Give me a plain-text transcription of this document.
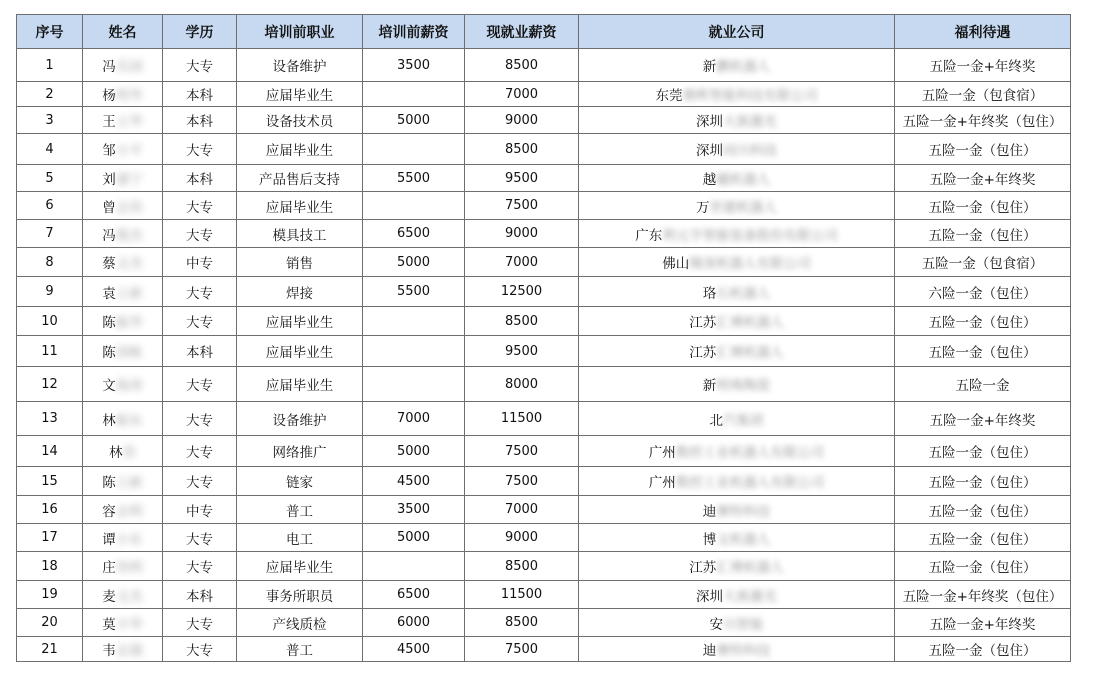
序号	姓名	学历	培训前职业	培训前薪资	现就业薪资	就业公司	福利待遇
1	冯乐园	大专	设备维护	3500	8500	新鹏机器人	五险一金+年终奖
2	杨明华	本科	应届毕业生		7000	东莞鼎晖智能科技有限公司	五险一金（包食宿）
3	王立华	本科	设备技术员	5000	9000	深圳大族激光	五险一金+年终奖（包住）
4	邹小平	大专	应届毕业生		8500	深圳同川科技	五险一金（包住）
5	刘建宁	本科	产品售后支持	5500	9500	越疆机器人	五险一金+年终奖
6	曾志伟	大专	应届毕业生		7500	万世德机器人	五险一金（包住）
7	冯俊杰	大专	模具技工	6500	9000	广东利元亨智能装备股份有限公司	五险一金（包住）
8	蔡文杰	中专	销售	5000	7000	佛山隆深机器人有限公司	五险一金（包食宿）
9	袁立新	大专	焊接	5500	12500	珞石机器人	六险一金（包住）
10	陈振华	大专	应届毕业生		8500	江苏汇博机器人	五险一金（包住）
11	陈国栋	本科	应届毕业生		9500	江苏汇博机器人	五险一金（包住）
12	文海涛	大专	应届毕业生		8000	新明珠陶瓷	五险一金
13	林振东	大专	设备维护	7000	11500	北汽集团	五险一金+年终奖
14	林浩	大专	网络推广	5000	7500	广州数控工业机器人有限公司	五险一金（包住）
15	陈立新	大专	链家	4500	7500	广州数控工业机器人有限公司	五险一金（包住）
16	容志明	中专	普工	3500	7000	迪赛特科技	五险一金（包住）
17	谭小东	大专	电工	5000	9000	博文机器人	五险一金（包住）
18	庄伟明	大专	应届毕业生		8500	江苏汇博机器人	五险一金（包住）
19	麦文杰	本科	事务所职员	6500	11500	深圳大族激光	五险一金+年终奖（包住）
20	莫少华	大专	产线质检	6000	8500	安川智能	五险一金+年终奖
21	韦志强	大专	普工	4500	7500	迪赛特科技	五险一金（包住）
